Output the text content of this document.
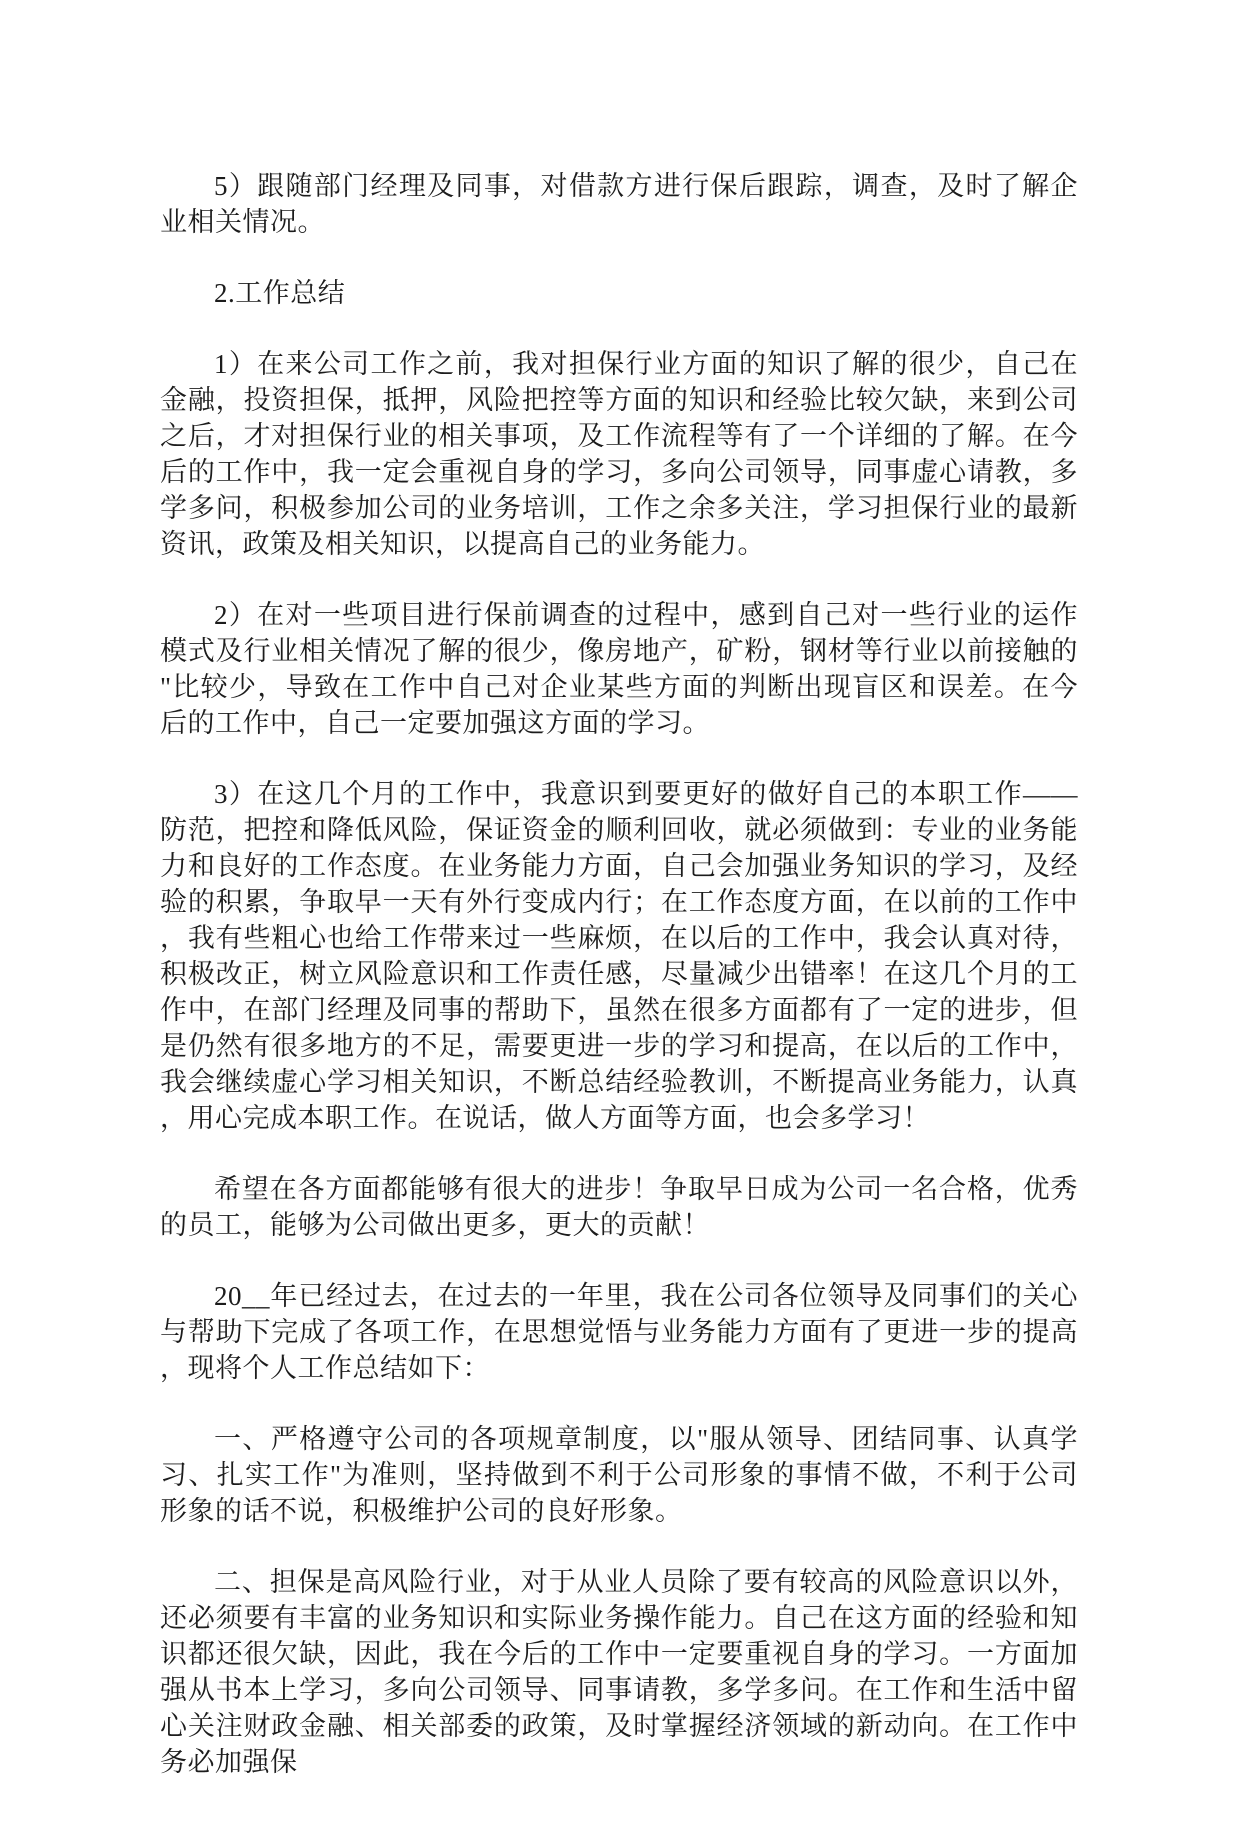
5）跟随部门经理及同事，对借款方进行保后跟踪，调查，及时了解企业相关情况。

2.工作总结

1）在来公司工作之前，我对担保行业方面的知识了解的很少，自己在金融，投资担保，抵押，风险把控等方面的知识和经验比较欠缺，来到公司之后，才对担保行业的相关事项，及工作流程等有了一个详细的了解。在今后的工作中，我一定会重视自身的学习，多向公司领导，同事虚心请教，多学多问，积极参加公司的业务培训，工作之余多关注，学习担保行业的最新资讯，政策及相关知识，以提高自己的业务能力。

2）在对一些项目进行保前调查的过程中，感到自己对一些行业的运作模式及行业相关情况了解的很少，像房地产，矿粉，钢材等行业以前接触的"比较少，导致在工作中自己对企业某些方面的判断出现盲区和误差。在今后的工作中，自己一定要加强这方面的学习。

3）在这几个月的工作中，我意识到要更好的做好自己的本职工作——防范，把控和降低风险，保证资金的顺利回收，就必须做到：专业的业务能力和良好的工作态度。在业务能力方面，自己会加强业务知识的学习，及经验的积累，争取早一天有外行变成内行；在工作态度方面，在以前的工作中，我有些粗心也给工作带来过一些麻烦，在以后的工作中，我会认真对待，积极改正，树立风险意识和工作责任感，尽量减少出错率！在这几个月的工作中，在部门经理及同事的帮助下，虽然在很多方面都有了一定的进步，但是仍然有很多地方的不足，需要更进一步的学习和提高，在以后的工作中，我会继续虚心学习相关知识，不断总结经验教训，不断提高业务能力，认真，用心完成本职工作。在说话，做人方面等方面，也会多学习！

希望在各方面都能够有很大的进步！争取早日成为公司一名合格，优秀的员工，能够为公司做出更多，更大的贡献！

20__年已经过去，在过去的一年里，我在公司各位领导及同事们的关心与帮助下完成了各项工作，在思想觉悟与业务能力方面有了更进一步的提高，现将个人工作总结如下：

一、严格遵守公司的各项规章制度，以"服从领导、团结同事、认真学习、扎实工作"为准则，坚持做到不利于公司形象的事情不做，不利于公司形象的话不说，积极维护公司的良好形象。

二、担保是高风险行业，对于从业人员除了要有较高的风险意识以外，还必须要有丰富的业务知识和实际业务操作能力。自己在这方面的经验和知识都还很欠缺，因此，我在今后的工作中一定要重视自身的学习。一方面加强从书本上学习，多向公司领导、同事请教，多学多问。在工作和生活中留心关注财政金融、相关部委的政策，及时掌握经济领域的新动向。在工作中务必加强保
